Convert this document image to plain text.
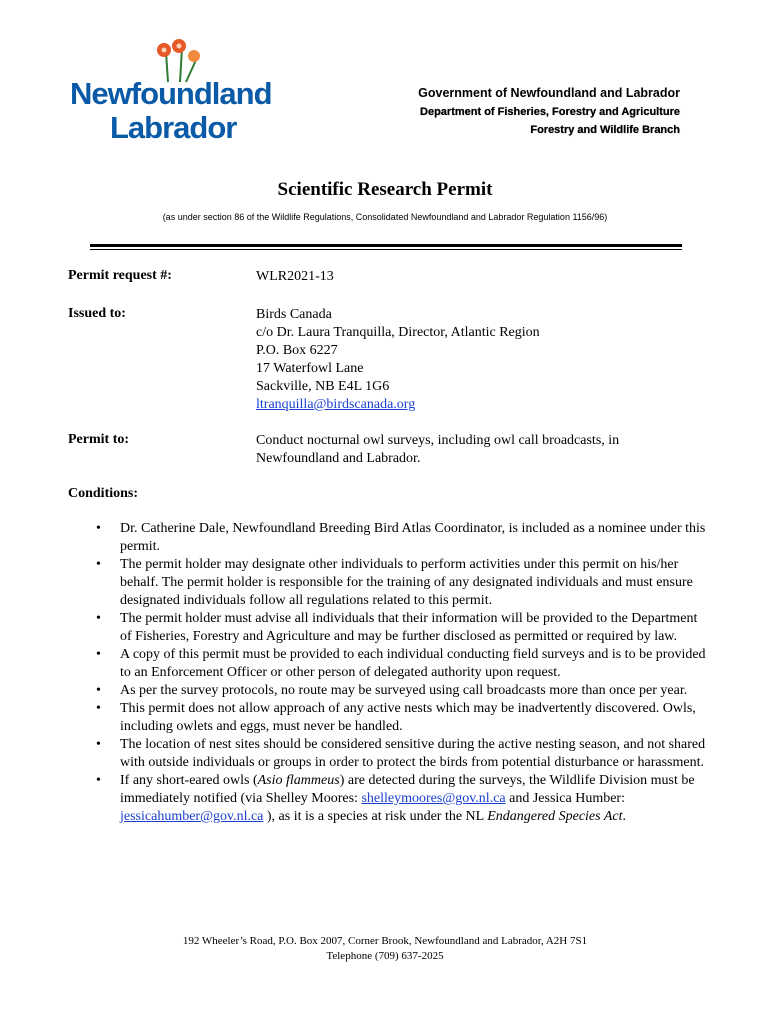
Newfoundland
Labrador
Government of Newfoundland and Labrador
Department of Fisheries, Forestry and Agriculture
Forestry and Wildlife Branch
Scientific Research Permit
(as under section 86 of the Wildlife Regulations, Consolidated Newfoundland and Labrador Regulation 1156/96)
Permit request #:	WLR2021-13
Issued to:	Birds Canada
c/o Dr. Laura Tranquilla, Director, Atlantic Region
P.O. Box 6227
17 Waterfowl Lane
Sackville, NB E4L 1G6
ltranquilla@birdscanada.org
Permit to:	Conduct nocturnal owl surveys, including owl call broadcasts, in Newfoundland and Labrador.
Conditions:
• Dr. Catherine Dale, Newfoundland Breeding Bird Atlas Coordinator, is included as a nominee under this permit.
• The permit holder may designate other individuals to perform activities under this permit on his/her behalf. The permit holder is responsible for the training of any designated individuals and must ensure designated individuals follow all regulations related to this permit.
• The permit holder must advise all individuals that their information will be provided to the Department of Fisheries, Forestry and Agriculture and may be further disclosed as permitted or required by law.
• A copy of this permit must be provided to each individual conducting field surveys and is to be provided to an Enforcement Officer or other person of delegated authority upon request.
• As per the survey protocols, no route may be surveyed using call broadcasts more than once per year.
• This permit does not allow approach of any active nests which may be inadvertently discovered. Owls, including owlets and eggs, must never be handled.
• The location of nest sites should be considered sensitive during the active nesting season, and not shared with outside individuals or groups in order to protect the birds from potential disturbance or harassment.
• If any short-eared owls (Asio flammeus) are detected during the surveys, the Wildlife Division must be immediately notified (via Shelley Moores: shelleymoores@gov.nl.ca and Jessica Humber: jessicahumber@gov.nl.ca ), as it is a species at risk under the NL Endangered Species Act.
192 Wheeler’s Road, P.O. Box 2007, Corner Brook, Newfoundland and Labrador, A2H 7S1
Telephone (709) 637-2025
